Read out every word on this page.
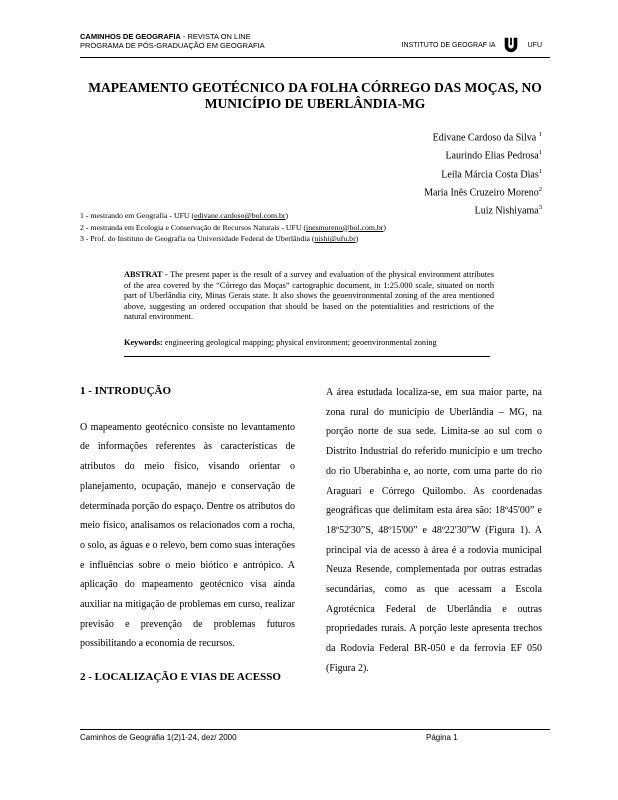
CAMINHOS DE GEOGRAFIA - REVISTA ON LINE
PROGRAMA DE PÓS-GRADUAÇÃO EM GEOGRAFIA	INSTITUTO DE GEOGRAF IA	UFU
MAPEAMENTO GEOTÉCNICO DA FOLHA CÓRREGO DAS MOÇAS, NO MUNICÍPIO DE UBERLÂNDIA-MG
Edivane Cardoso da Silva $^1$
Laurindo Elias Pedrosa$^1$
Leila Márcia Costa Dias$^1$
Maria Inês Cruzeiro Moreno$^2$
Luiz Nishiyama$^3$
1 - mestrando em Geografia - UFU (edivane.cardoso@bol.com.br)
2 - mestranda em Ecologia e Conservação de Recursos Naturais - UFU (inesmoreno@bol.com.br)
3 - Prof. do Instituto de Geografia na Universidade Federal de Uberlândia (nishi@ufu.br)
ABSTRAT - The present paper is the result of a survey and evaluation of the physical environment attributes of the area covered by the “Córrego das Moças” cartographic document, in 1:25.000 scale, situated on north part of Uberlândia city, Minas Gerais state. It also shows the geoenvironmental zoning of the area mentioned above, suggesting an ordered occupation that should be based on the potentialities and restrictions of the natural environment.
Keywords: engineering geological mapping; physical environment; geoenvironmental zoning

1 - INTRODUÇÃO

O mapeamento geotécnico consiste no levantamento de informações referentes às características de atributos do meio físico, visando orientar o planejamento, ocupação, manejo e conservação de determinada porção do espaço. Dentre os atributos do meio físico, analisamos os relacionados com a rocha, o solo, as águas e o relevo, bem como suas interações e influências sobre o meio biótico e antrópico. A aplicação do mapeamento geotécnico visa ainda auxiliar na mitigação de problemas em curso, realizar previsão e prevenção de problemas futuros possibilitando a economia de recursos.

2 - LOCALIZAÇÃO E VIAS DE ACESSO

A área estudada localiza-se, em sua maior parte, na zona rural do município de Uberlândia – MG, na porção norte de sua sede. Limita-se ao sul com o Distrito Industrial do referido município e um trecho do rio Uberabinha e, ao norte, com uma parte do rio Araguari e Córrego Quilombo. As coordenadas geográficas que delimitam esta área são: 18º45'00” e 18º52'30”S, 48º15'00” e 48º22'30”W (Figura 1). A principal via de acesso à área é a rodovia municipal Neuza Resende, complementada por outras estradas secundárias, como as que acessam a Escola Agrotécnica Federal de Uberlândia e outras propriedades rurais. A porção leste apresenta trechos da Rodovia Federal BR-050 e da ferrovia EF 050 (Figura 2).

Caminhos de Geografia 1(2)1-24, dez/ 2000	Página 1
